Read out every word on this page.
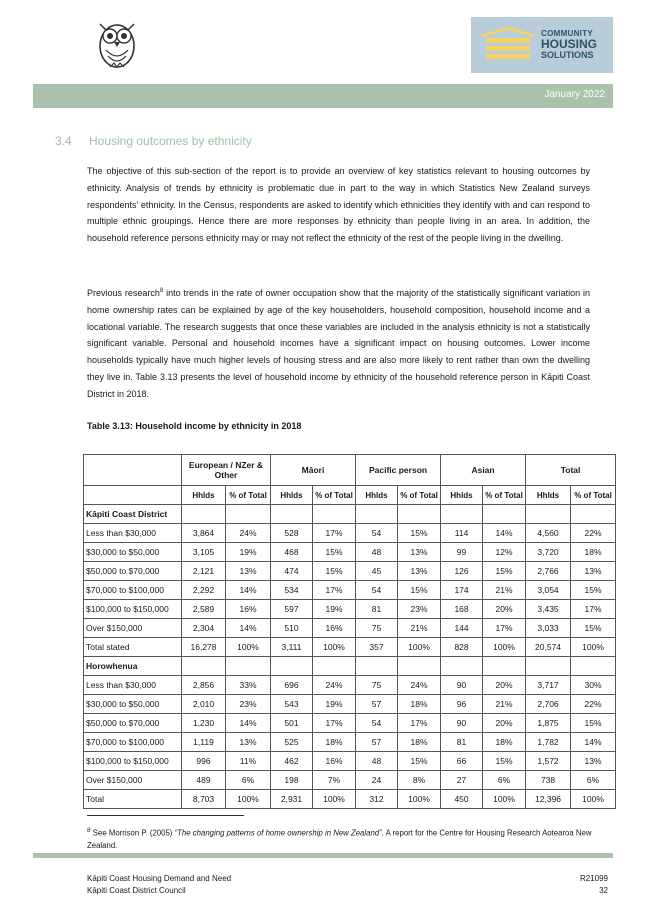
COMMUNITY
HOUSING
SOLUTIONS
January 2022
3.4 Housing outcomes by ethnicity

The objective of this sub-section of the report is to provide an overview of key statistics relevant to housing outcomes by ethnicity. Analysis of trends by ethnicity is problematic due in part to the way in which Statistics New Zealand surveys respondents’ ethnicity. In the Census, respondents are asked to identify which ethnicities they identify with and can respond to multiple ethnic groupings. Hence there are more responses by ethnicity than people living in an area. In addition, the household reference persons ethnicity may or may not reflect the ethnicity of the rest of the people living in the dwelling.

Previous research$^8$ into trends in the rate of owner occupation show that the majority of the statistically significant variation in home ownership rates can be explained by age of the key householders, household composition, household income and a locational variable. The research suggests that once these variables are included in the analysis ethnicity is not a statistically significant variable. Personal and household incomes have a significant impact on housing outcomes. Lower income households typically have much higher levels of housing stress and are also more likely to rent rather than own the dwelling they live in. Table 3.13 presents the level of household income by ethnicity of the household reference person in Kāpiti Coast District in 2018.

Table 3.13: Household income by ethnicity in 2018
	European / NZer & Other		Māori		Pacific person		Asian		Total	
	Hhlds	% of Total	Hhlds	% of Total	Hhlds	% of Total	Hhlds	% of Total	Hhlds	% of Total
Kāpiti Coast District										
Less than $30,000	3,864	24%	528	17%	54	15%	114	14%	4,560	22%
$30,000 to $50,000	3,105	19%	468	15%	48	13%	99	12%	3,720	18%
$50,000 to $70,000	2,121	13%	474	15%	45	13%	126	15%	2,766	13%
$70,000 to $100,000	2,292	14%	534	17%	54	15%	174	21%	3,054	15%
$100,000 to $150,000	2,589	16%	597	19%	81	23%	168	20%	3,435	17%
Over $150,000	2,304	14%	510	16%	75	21%	144	17%	3,033	15%
Total stated	16,278	100%	3,111	100%	357	100%	828	100%	20,574	100%
Horowhenua										
Less than $30,000	2,856	33%	696	24%	75	24%	90	20%	3,717	30%
$30,000 to $50,000	2,010	23%	543	19%	57	18%	96	21%	2,706	22%
$50,000 to $70,000	1,230	14%	501	17%	54	17%	90	20%	1,875	15%
$70,000 to $100,000	1,119	13%	525	18%	57	18%	81	18%	1,782	14%
$100,000 to $150,000	996	11%	462	16%	48	15%	66	15%	1,572	13%
Over $150,000	489	6%	198	7%	24	8%	27	6%	738	6%
Total	8,703	100%	2,931	100%	312	100%	450	100%	12,396	100%

$^8$ See Morrison P. (2005) “The changing patterns of home ownership in New Zealand”. A report for the Centre for Housing Research Aotearoa New Zealand.

Kāpiti Coast Housing Demand and Need
Kāpiti Coast District Council
R21099
32
